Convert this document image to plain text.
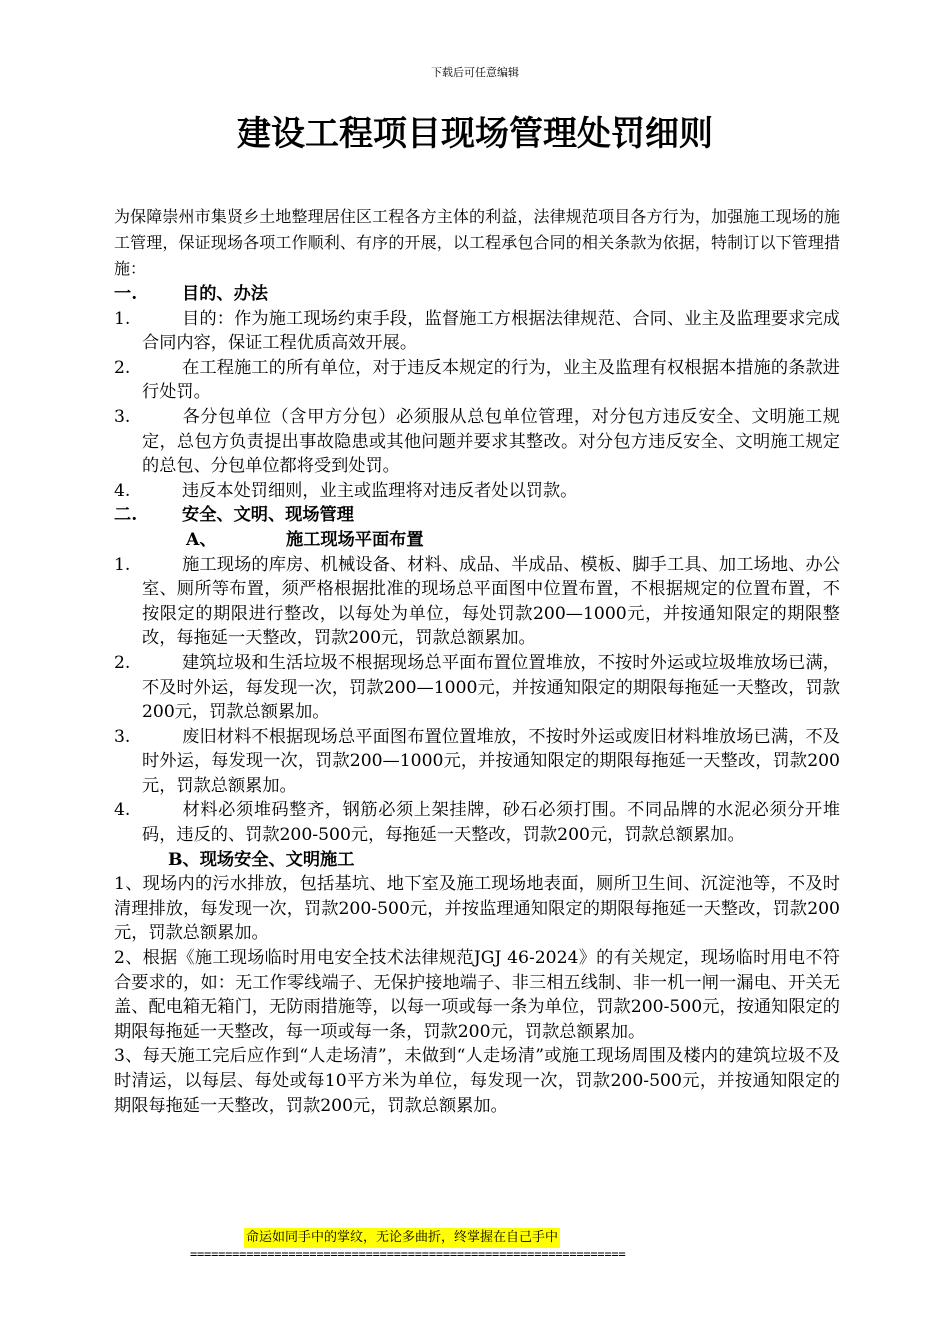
下载后可任意编辑
建设工程项目现场管理处罚细则

为保障崇州市集贤乡土地整理居住区工程各方主体的利益，法律规范项目各方行为，加强施工现场的施工管理，保证现场各项工作顺利、有序的开展，以工程承包合同的相关条款为依据，特制订以下管理措施：

一.	目的、办法

1.	目的：作为施工现场约束手段，监督施工方根据法律规范、合同、业主及监理要求完成合同内容，保证工程优质高效开展。
2.	在工程施工的所有单位，对于违反本规定的行为，业主及监理有权根据本措施的条款进行处罚。
3.	各分包单位（含甲方分包）必须服从总包单位管理，对分包方违反安全、文明施工规定，总包方负责提出事故隐患或其他问题并要求其整改。对分包方违反安全、文明施工规定的总包、分包单位都将受到处罚。
4.	违反本处罚细则，业主或监理将对违反者处以罚款。

二.	安全、文明、现场管理

A、	施工现场平面布置

1.	施工现场的库房、机械设备、材料、成品、半成品、模板、脚手工具、加工场地、办公室、厕所等布置，须严格根据批准的现场总平面图中位置布置，不根据规定的位置布置，不按限定的期限进行整改，以每处为单位，每处罚款200—1000元，并按通知限定的期限整改，每拖延一天整改，罚款200元，罚款总额累加。
2.	建筑垃圾和生活垃圾不根据现场总平面布置位置堆放，不按时外运或垃圾堆放场已满，不及时外运，每发现一次，罚款200—1000元，并按通知限定的期限每拖延一天整改，罚款200元，罚款总额累加。
3.	废旧材料不根据现场总平面图布置位置堆放，不按时外运或废旧材料堆放场已满，不及时外运，每发现一次，罚款200—1000元，并按通知限定的期限每拖延一天整改，罚款200元，罚款总额累加。
4.	材料必须堆码整齐，钢筋必须上架挂牌，砂石必须打围。不同品牌的水泥必须分开堆码，违反的、罚款200-500元，每拖延一天整改，罚款200元，罚款总额累加。

B、现场安全、文明施工

1、现场内的污水排放，包括基坑、地下室及施工现场地表面，厕所卫生间、沉淀池等，不及时清理排放，每发现一次，罚款200-500元，并按监理通知限定的期限每拖延一天整改，罚款200元，罚款总额累加。

2、根据《施工现场临时用电安全技术法律规范JGJ 46-2024》的有关规定，现场临时用电不符合要求的，如：无工作零线端子、无保护接地端子、非三相五线制、非一机一闸一漏电、开关无盖、配电箱无箱门，无防雨措施等，以每一项或每一条为单位，罚款200-500元，按通知限定的期限每拖延一天整改，每一项或每一条，罚款200元，罚款总额累加。

3、每天施工完后应作到“人走场清”，未做到“人走场清”或施工现场周围及楼内的建筑垃圾不及时清运，以每层、每处或每10平方米为单位，每发现一次，罚款200-500元，并按通知限定的期限每拖延一天整改，罚款200元，罚款总额累加。

命运如同手中的掌纹，无论多曲折，终掌握在自己手中
==============================================================
